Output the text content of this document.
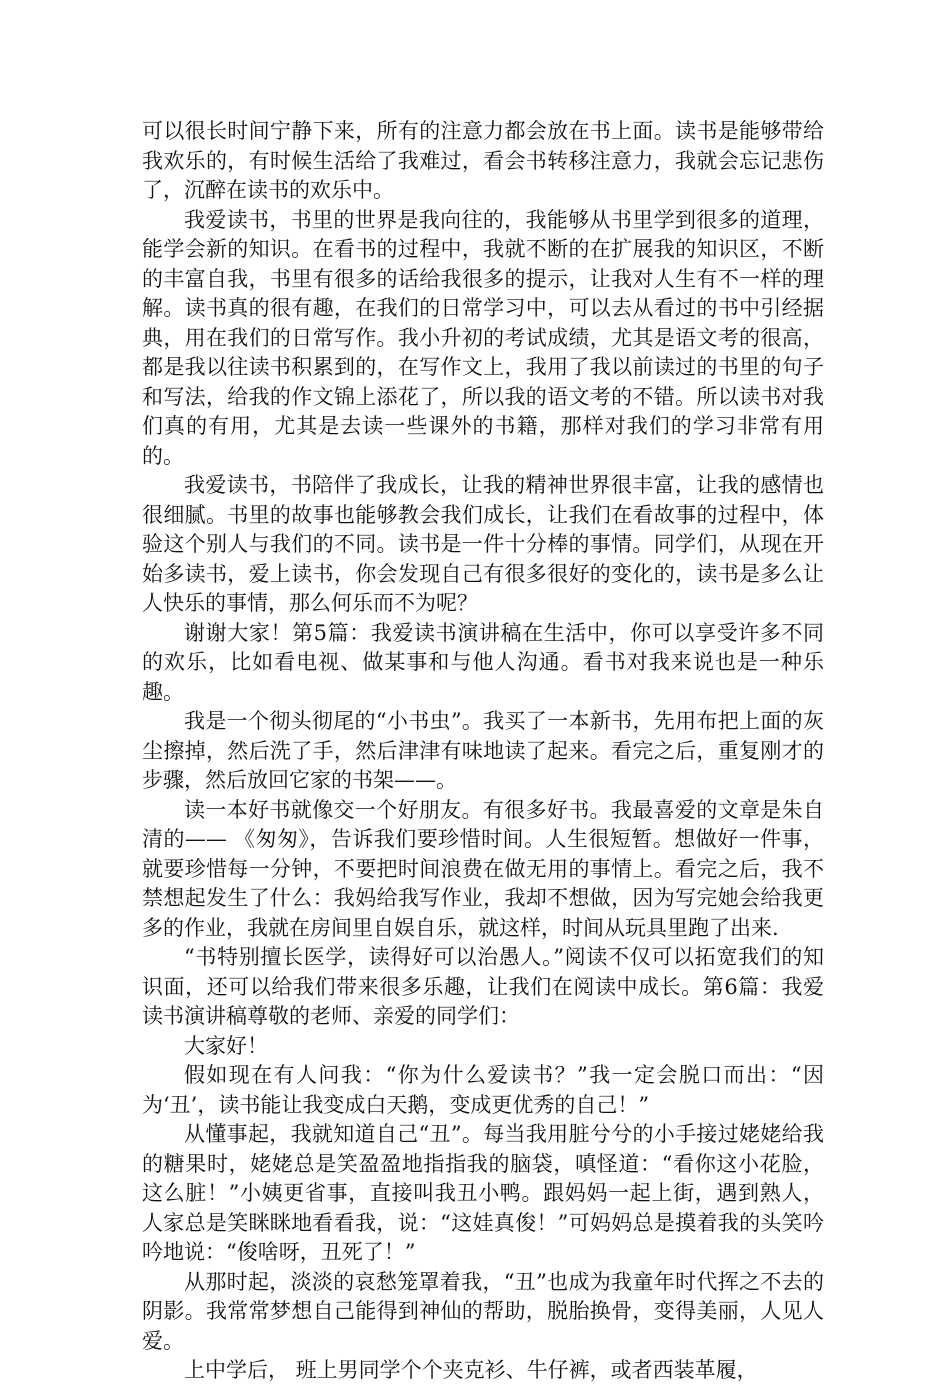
可以很长时间宁静下来，所有的注意力都会放在书上面。读书是能够带给我欢乐的，有时候生活给了我难过，看会书转移注意力，我就会忘记悲伤了，沉醉在读书的欢乐中。

我爱读书，书里的世界是我向往的，我能够从书里学到很多的道理，能学会新的知识。在看书的过程中，我就不断的在扩展我的知识区，不断的丰富自我，书里有很多的话给我很多的提示，让我对人生有不一样的理解。读书真的很有趣，在我们的日常学习中，可以去从看过的书中引经据典，用在我们的日常写作。我小升初的考试成绩，尤其是语文考的很高，都是我以往读书积累到的，在写作文上，我用了我以前读过的书里的句子和写法，给我的作文锦上添花了，所以我的语文考的不错。所以读书对我们真的有用，尤其是去读一些课外的书籍，那样对我们的学习非常有用的。

我爱读书，书陪伴了我成长，让我的精神世界很丰富，让我的感情也很细腻。书里的故事也能够教会我们成长，让我们在看故事的过程中，体验这个别人与我们的不同。读书是一件十分棒的事情。同学们，从现在开始多读书，爱上读书，你会发现自己有很多很好的变化的，读书是多么让人快乐的事情，那么何乐而不为呢？

谢谢大家！第5篇：我爱读书演讲稿在生活中，你可以享受许多不同的欢乐，比如看电视、做某事和与他人沟通。看书对我来说也是一种乐趣。

我是一个彻头彻尾的“小书虫”。我买了一本新书，先用布把上面的灰尘擦掉，然后洗了手，然后津津有味地读了起来。看完之后，重复刚才的步骤，然后放回它家的书架——。

读一本好书就像交一个好朋友。有很多好书。我最喜爱的文章是朱自清的—— 《匆匆》，告诉我们要珍惜时间。人生很短暂。想做好一件事，就要珍惜每一分钟，不要把时间浪费在做无用的事情上。看完之后，我不禁想起发生了什么：我妈给我写作业，我却不想做，因为写完她会给我更多的作业，我就在房间里自娱自乐，就这样，时间从玩具里跑了出来.

“书特别擅长医学，读得好可以治愚人。”阅读不仅可以拓宽我们的知识面，还可以给我们带来很多乐趣，让我们在阅读中成长。第6篇：我爱读书演讲稿尊敬的老师、亲爱的同学们：

大家好！

假如现在有人问我：“你为什么爱读书？”我一定会脱口而出：“因为‘丑’，读书能让我变成白天鹅，变成更优秀的自己！”

从懂事起，我就知道自己“丑”。每当我用脏兮兮的小手接过姥姥给我的糖果时，姥姥总是笑盈盈地指指我的脑袋，嗔怪道：“看你这小花脸，这么脏！”小姨更省事，直接叫我丑小鸭。跟妈妈一起上街，遇到熟人，人家总是笑眯眯地看看我，说：“这娃真俊！”可妈妈总是摸着我的头笑吟吟地说：“俊啥呀，丑死了！”

从那时起，淡淡的哀愁笼罩着我，“丑”也成为我童年时代挥之不去的阴影。我常常梦想自己能得到神仙的帮助，脱胎换骨，变得美丽，人见人爱。

上中学后， 班上男同学个个夹克衫、牛仔裤，或者西装革履，
